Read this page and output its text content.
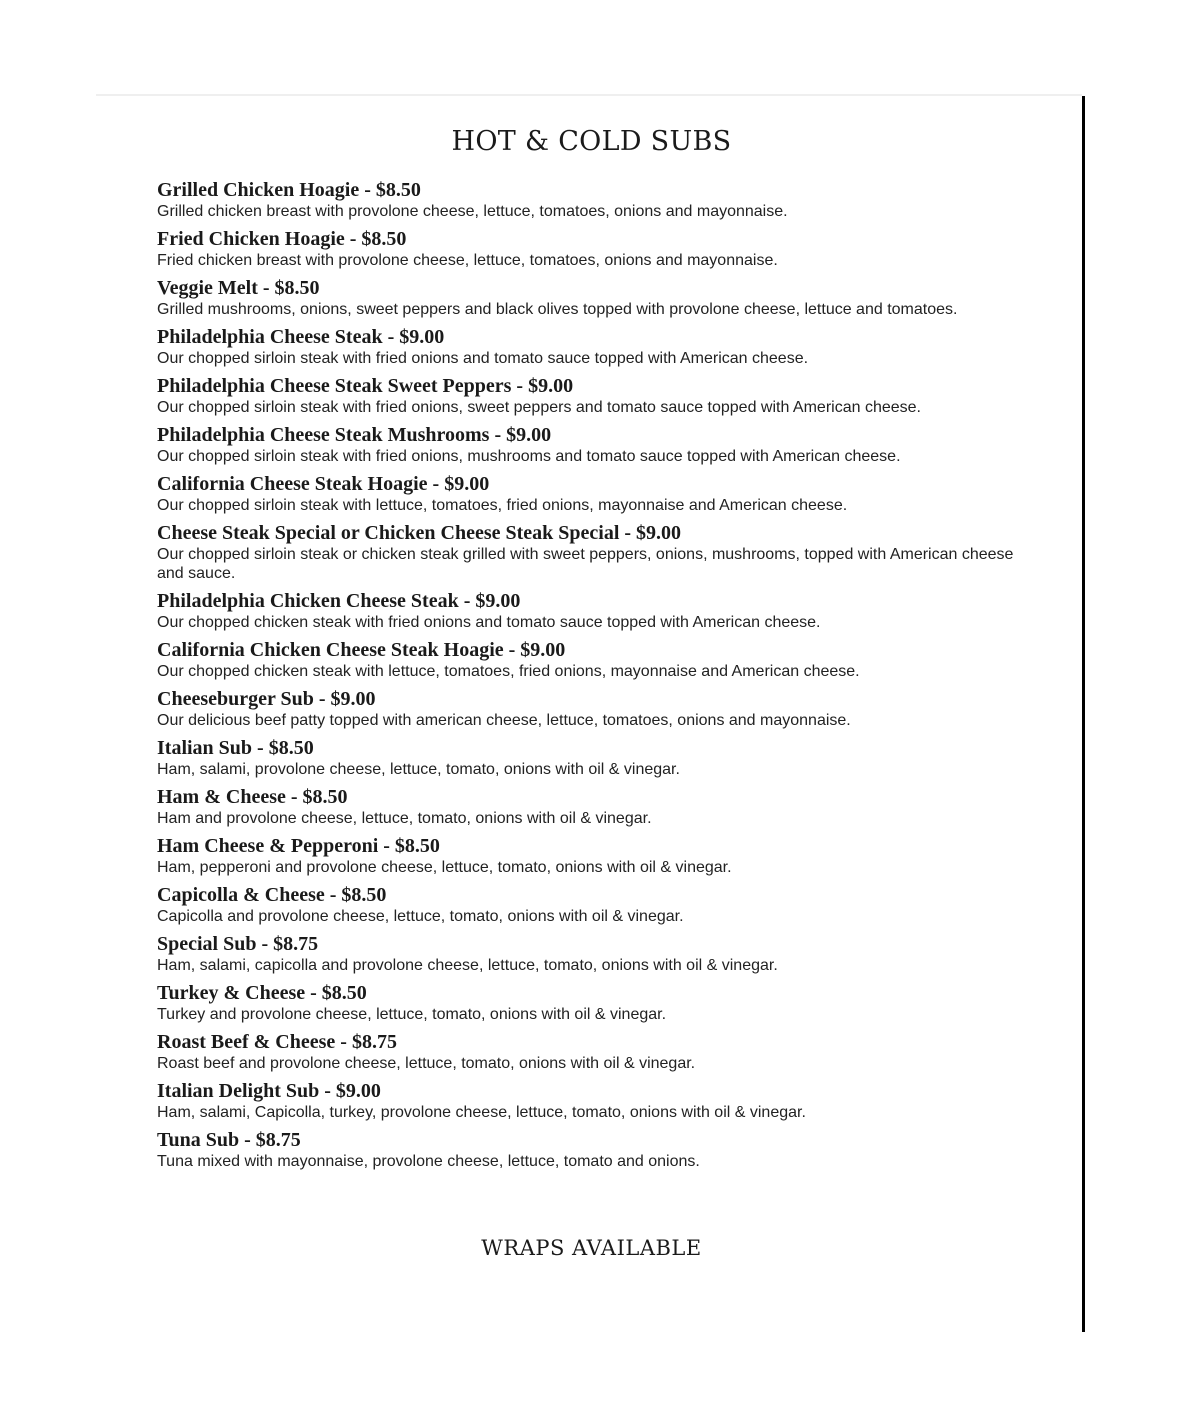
HOT & COLD SUBS

Grilled Chicken Hoagie - $8.50

Grilled chicken breast with provolone cheese, lettuce, tomatoes, onions and mayonnaise.

Fried Chicken Hoagie - $8.50

Fried chicken breast with provolone cheese, lettuce, tomatoes, onions and mayonnaise.

Veggie Melt - $8.50

Grilled mushrooms, onions, sweet peppers and black olives topped with provolone cheese, lettuce and tomatoes.

Philadelphia Cheese Steak - $9.00

Our chopped sirloin steak with fried onions and tomato sauce topped with American cheese.

Philadelphia Cheese Steak Sweet Peppers - $9.00

Our chopped sirloin steak with fried onions, sweet peppers and tomato sauce topped with American cheese.

Philadelphia Cheese Steak Mushrooms - $9.00

Our chopped sirloin steak with fried onions, mushrooms and tomato sauce topped with American cheese.

California Cheese Steak Hoagie - $9.00

Our chopped sirloin steak with lettuce, tomatoes, fried onions, mayonnaise and American cheese.

Cheese Steak Special or Chicken Cheese Steak Special - $9.00

Our chopped sirloin steak or chicken steak grilled with sweet peppers, onions, mushrooms, topped with American cheese and sauce.

Philadelphia Chicken Cheese Steak - $9.00

Our chopped chicken steak with fried onions and tomato sauce topped with American cheese.

California Chicken Cheese Steak Hoagie - $9.00

Our chopped chicken steak with lettuce, tomatoes, fried onions, mayonnaise and American cheese.

Cheeseburger Sub - $9.00

Our delicious beef patty topped with american cheese, lettuce, tomatoes, onions and mayonnaise.

Italian Sub - $8.50

Ham, salami, provolone cheese, lettuce, tomato, onions with oil & vinegar.

Ham & Cheese - $8.50

Ham and provolone cheese, lettuce, tomato, onions with oil & vinegar.

Ham Cheese & Pepperoni - $8.50

Ham, pepperoni and provolone cheese, lettuce, tomato, onions with oil & vinegar.

Capicolla & Cheese - $8.50

Capicolla and provolone cheese, lettuce, tomato, onions with oil & vinegar.

Special Sub - $8.75

Ham, salami, capicolla and provolone cheese, lettuce, tomato, onions with oil & vinegar.

Turkey & Cheese - $8.50

Turkey and provolone cheese, lettuce, tomato, onions with oil & vinegar.

Roast Beef & Cheese - $8.75

Roast beef and provolone cheese, lettuce, tomato, onions with oil & vinegar.

Italian Delight Sub - $9.00

Ham, salami, Capicolla, turkey, provolone cheese, lettuce, tomato, onions with oil & vinegar.

Tuna Sub - $8.75

Tuna mixed with mayonnaise, provolone cheese, lettuce, tomato and onions.

WRAPS AVAILABLE
